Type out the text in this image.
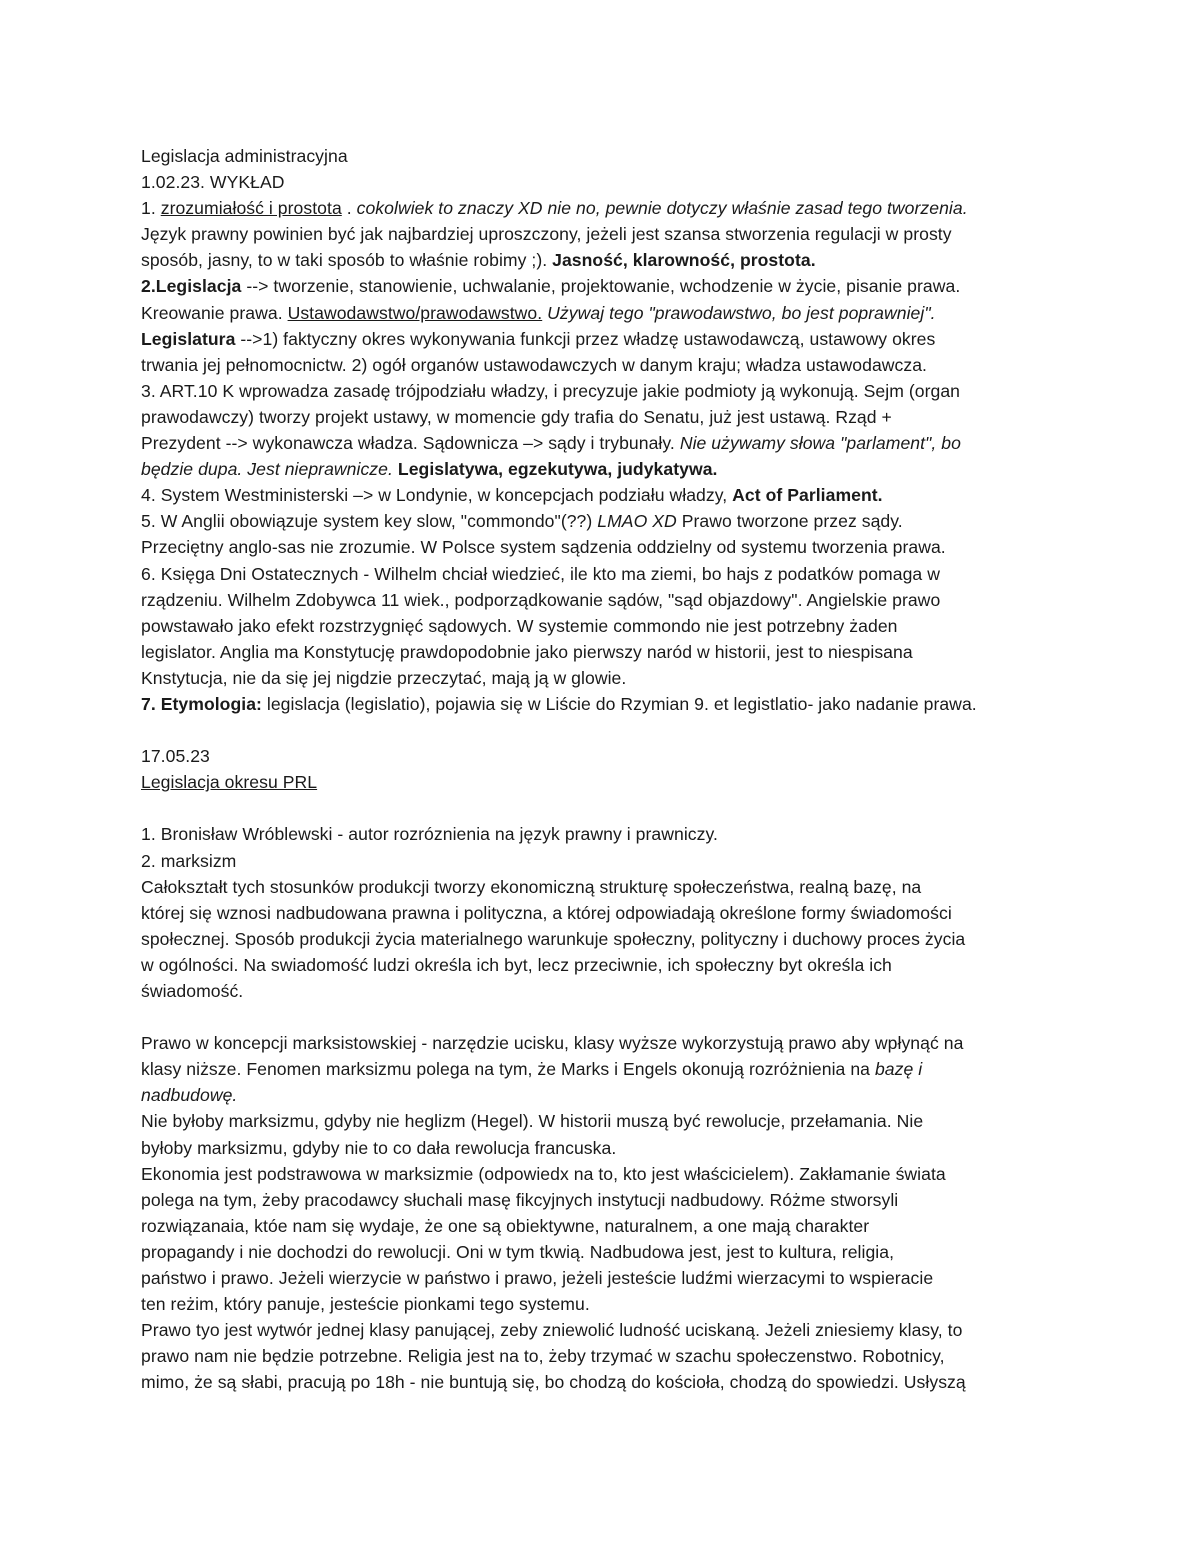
Legislacja administracyjna
1.02.23. WYKŁAD
1. zrozumiałość i prostota . cokolwiek to znaczy XD nie no, pewnie dotyczy właśnie zasad tego tworzenia.
Język prawny powinien być jak najbardziej uproszczony, jeżeli jest szansa stworzenia regulacji w prosty
sposób, jasny, to w taki sposób to właśnie robimy ;). Jasność, klarowność, prostota.
2.Legislacja --> tworzenie, stanowienie, uchwalanie, projektowanie, wchodzenie w życie, pisanie prawa.
Kreowanie prawa. Ustawodawstwo/prawodawstwo. Używaj tego "prawodawstwo, bo jest poprawniej".
Legislatura -->1) faktyczny okres wykonywania funkcji przez władzę ustawodawczą, ustawowy okres
trwania jej pełnomocnictw. 2) ogół organów ustawodawczych w danym kraju; władza ustawodawcza.
3. ART.10 K wprowadza zasadę trójpodziału władzy, i precyzuje jakie podmioty ją wykonują. Sejm (organ
prawodawczy) tworzy projekt ustawy, w momencie gdy trafia do Senatu, już jest ustawą. Rząd +
Prezydent --> wykonawcza władza. Sądownicza –> sądy i trybunały. Nie używamy słowa "parlament", bo
będzie dupa. Jest nieprawnicze. Legislatywa, egzekutywa, judykatywa.
4. System Westministerski –> w Londynie, w koncepcjach podziału władzy, Act of Parliament.
5. W Anglii obowiązuje system key slow, "commondo"(??) LMAO XD Prawo tworzone przez sądy.
Przeciętny anglo-sas nie zrozumie. W Polsce system sądzenia oddzielny od systemu tworzenia prawa.
6. Księga Dni Ostatecznych - Wilhelm chciał wiedzieć, ile kto ma ziemi, bo hajs z podatków pomaga w
rządzeniu. Wilhelm Zdobywca 11 wiek., podporządkowanie sądów, "sąd objazdowy". Angielskie prawo
powstawało jako efekt rozstrzygnięć sądowych. W systemie commondo nie jest potrzebny żaden
legislator. Anglia ma Konstytucję prawdopodobnie jako pierwszy naród w historii, jest to niespisana
Knstytucja, nie da się jej nigdzie przeczytać, mają ją w glowie.
7. Etymologia: legislacja (legislatio), pojawia się w Liście do Rzymian 9. et legistlatio- jako nadanie prawa.
17.05.23
Legislacja okresu PRL
1. Bronisław Wróblewski - autor rozróznienia na język prawny i prawniczy.
2. marksizm
Całokształt tych stosunków produkcji tworzy ekonomiczną strukturę społeczeństwa, realną bazę, na
której się wznosi nadbudowana prawna i polityczna, a której odpowiadają określone formy świadomości
społecznej. Sposób produkcji życia materialnego warunkuje społeczny, polityczny i duchowy proces życia
w ogólności. Na swiadomość ludzi określa ich byt, lecz przeciwnie, ich społeczny byt określa ich
świadomość.
Prawo w koncepcji marksistowskiej - narzędzie ucisku, klasy wyższe wykorzystują prawo aby wpłynąć na
klasy niższe. Fenomen marksizmu polega na tym, że Marks i Engels okonują rozróżnienia na bazę i
nadbudowę.
Nie byłoby marksizmu, gdyby nie heglizm (Hegel). W historii muszą być rewolucje, przełamania. Nie
byłoby marksizmu, gdyby nie to co dała rewolucja francuska.
Ekonomia jest podstrawowa w marksizmie (odpowiedx na to, kto jest właścicielem). Zakłamanie świata
polega na tym, żeby pracodawcy słuchali masę fikcyjnych instytucji nadbudowy. Różme stworsyli
rozwiązanaia, któe nam się wydaje, że one są obiektywne, naturalnem, a one mają charakter
propagandy i nie dochodzi do rewolucji. Oni w tym tkwią. Nadbudowa jest, jest to kultura, religia,
państwo i prawo. Jeżeli wierzycie w państwo i prawo, jeżeli jesteście ludźmi wierzacymi to wspieracie
ten reżim, który panuje, jesteście pionkami tego systemu.
Prawo tyo jest wytwór jednej klasy panującej, zeby zniewolić ludność uciskaną. Jeżeli zniesiemy klasy, to
prawo nam nie będzie potrzebne. Religia jest na to, żeby trzymać w szachu społeczenstwo. Robotnicy,
mimo, że są słabi, pracują po 18h - nie buntują się, bo chodzą do kościoła, chodzą do spowiedzi. Usłyszą
